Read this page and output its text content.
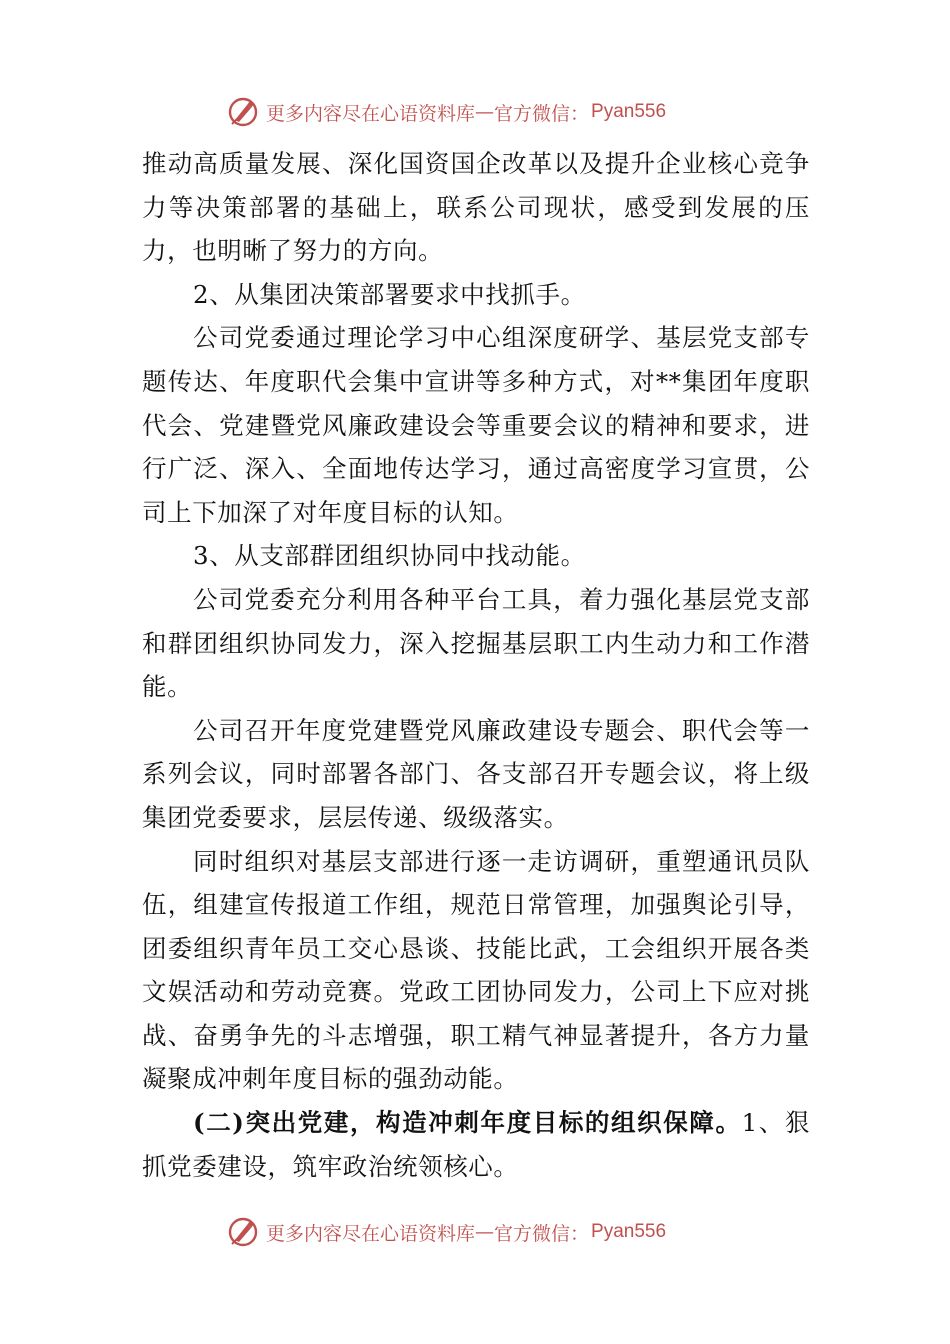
更多内容尽在心语资料库 — 官方微信： Pyan556

推动高质量发展、深化国资国企改革以及提升企业核心竞争力等决策部署的基础上，联系公司现状，感受到发展的压力，也明晰了努力的方向。

2、从集团决策部署要求中找抓手。

公司党委通过理论学习中心组深度研学、基层党支部专题传达、年度职代会集中宣讲等多种方式，对**集团年度职代会、党建暨党风廉政建设会等重要会议的精神和要求，进行广泛、深入、全面地传达学习，通过高密度学习宣贯，公司上下加深了对年度目标的认知。

3、从支部群团组织协同中找动能。

公司党委充分利用各种平台工具，着力强化基层党支部和群团组织协同发力，深入挖掘基层职工内生动力和工作潜能。

公司召开年度党建暨党风廉政建设专题会、职代会等一系列会议，同时部署各部门、各支部召开专题会议，将上级集团党委要求，层层传递、级级落实。

同时组织对基层支部进行逐一走访调研，重塑通讯员队伍，组建宣传报道工作组，规范日常管理，加强舆论引导，团委组织青年员工交心恳谈、技能比武，工会组织开展各类文娱活动和劳动竞赛。党政工团协同发力，公司上下应对挑战、奋勇争先的斗志增强，职工精气神显著提升，各方力量凝聚成冲刺年度目标的强劲动能。

(二)突出党建，构造冲刺年度目标的组织保障。1、狠抓党委建设，筑牢政治统领核心。

更多内容尽在心语资料库 — 官方微信： Pyan556
